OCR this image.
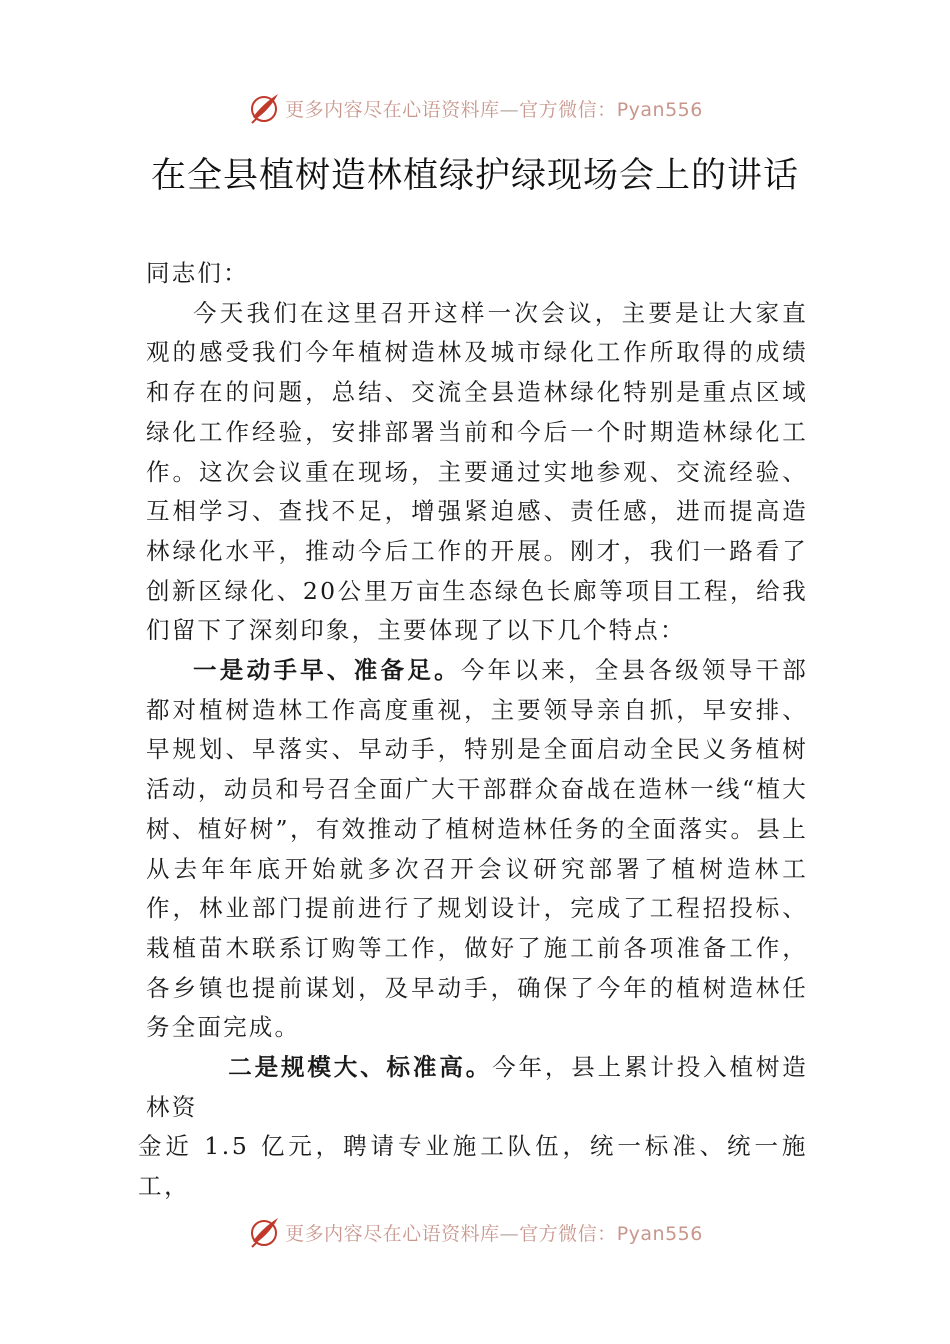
更多内容尽在心语资料库—官方微信：Pyan556
在全县植树造林植绿护绿现场会上的讲话

同志们：

今天我们在这里召开这样一次会议，主要是让大家直观的感受我们今年植树造林及城市绿化工作所取得的成绩和存在的问题，总结、交流全县造林绿化特别是重点区域绿化工作经验，安排部署当前和今后一个时期造林绿化工作。这次会议重在现场，主要通过实地参观、交流经验、互相学习、查找不足，增强紧迫感、责任感，进而提高造林绿化水平，推动今后工作的开展。刚才，我们一路看了创新区绿化、20公里万亩生态绿色长廊等项目工程，给我们留下了深刻印象，主要体现了以下几个特点：

一是动手早、准备足。今年以来，全县各级领导干部都对植树造林工作高度重视，主要领导亲自抓，早安排、早规划、早落实、早动手，特别是全面启动全民义务植树活动，动员和号召全面广大干部群众奋战在造林一线“植大树、植好树”，有效推动了植树造林任务的全面落实。县上从去年年底开始就多次召开会议研究部署了植树造林工作，林业部门提前进行了规划设计，完成了工程招投标、栽植苗木联系订购等工作，做好了施工前各项准备工作，各乡镇也提前谋划，及早动手，确保了今年的植树造林任务全面完成。

二是规模大、标准高。今年，县上累计投入植树造林资

金近 1.5 亿元，聘请专业施工队伍，统一标准、统一施工，

更多内容尽在心语资料库—官方微信：Pyan556
